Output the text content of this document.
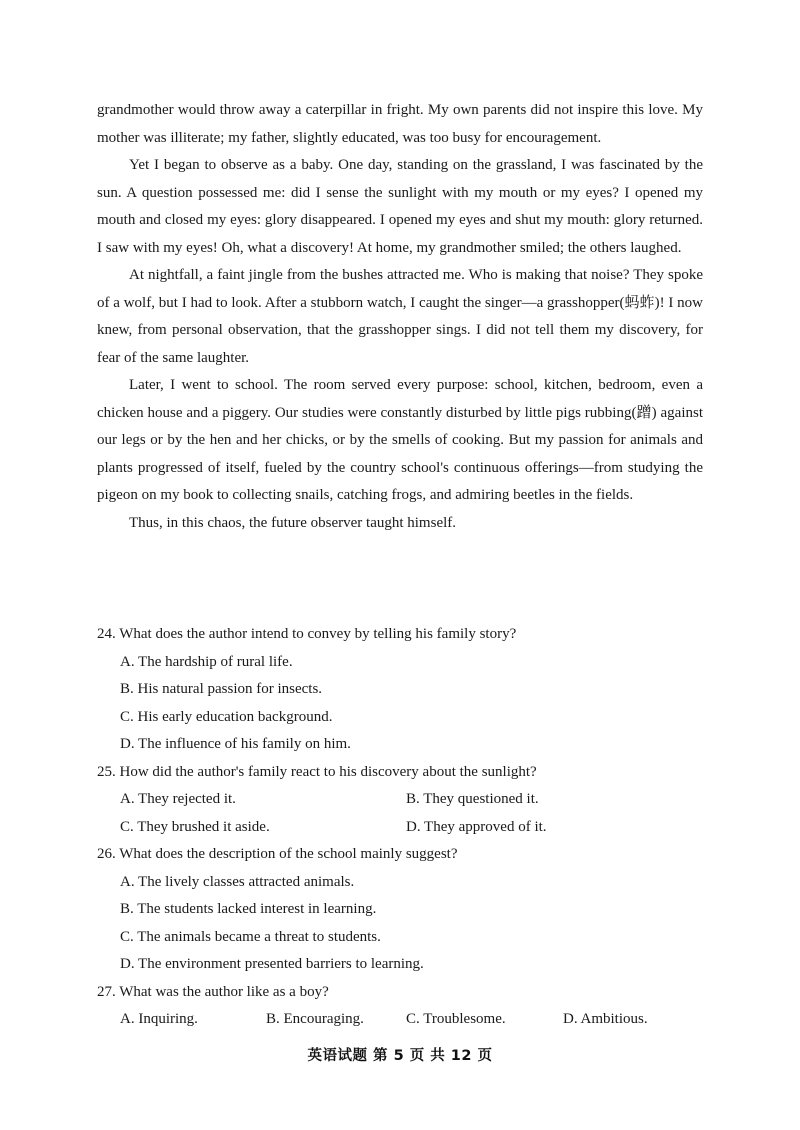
grandmother would throw away a caterpillar in fright. My own parents did not inspire this love. My mother was illiterate; my father, slightly educated, was too busy for encouragement.

Yet I began to observe as a baby. One day, standing on the grassland, I was fascinated by the sun. A question possessed me: did I sense the sunlight with my mouth or my eyes? I opened my mouth and closed my eyes: glory disappeared. I opened my eyes and shut my mouth: glory returned. I saw with my eyes! Oh, what a discovery! At home, my grandmother smiled; the others laughed.

At nightfall, a faint jingle from the bushes attracted me. Who is making that noise? They spoke of a wolf, but I had to look. After a stubborn watch, I caught the singer—a grasshopper(蚂蚱)! I now knew, from personal observation, that the grasshopper sings. I did not tell them my discovery, for fear of the same laughter.

Later, I went to school. The room served every purpose: school, kitchen, bedroom, even a chicken house and a piggery. Our studies were constantly disturbed by little pigs rubbing(蹭) against our legs or by the hen and her chicks, or by the smells of cooking. But my passion for animals and plants progressed of itself, fueled by the country school's continuous offerings—from studying the pigeon on my book to collecting snails, catching frogs, and admiring beetles in the fields.

Thus, in this chaos, the future observer taught himself.

24. What does the author intend to convey by telling his family story?

A. The hardship of rural life.

B. His natural passion for insects.

C. His early education background.

D. The influence of his family on him.

25. How did the author's family react to his discovery about the sunlight?

A. They rejected it.	B. They questioned it.

C. They brushed it aside.	D. They approved of it.

26. What does the description of the school mainly suggest?

A. The lively classes attracted animals.

B. The students lacked interest in learning.

C. The animals became a threat to students.

D. The environment presented barriers to learning.

27. What was the author like as a boy?

A. Inquiring.	B. Encouraging.	C. Troublesome.	D. Ambitious.

英语试题 第 5 页 共 12 页
